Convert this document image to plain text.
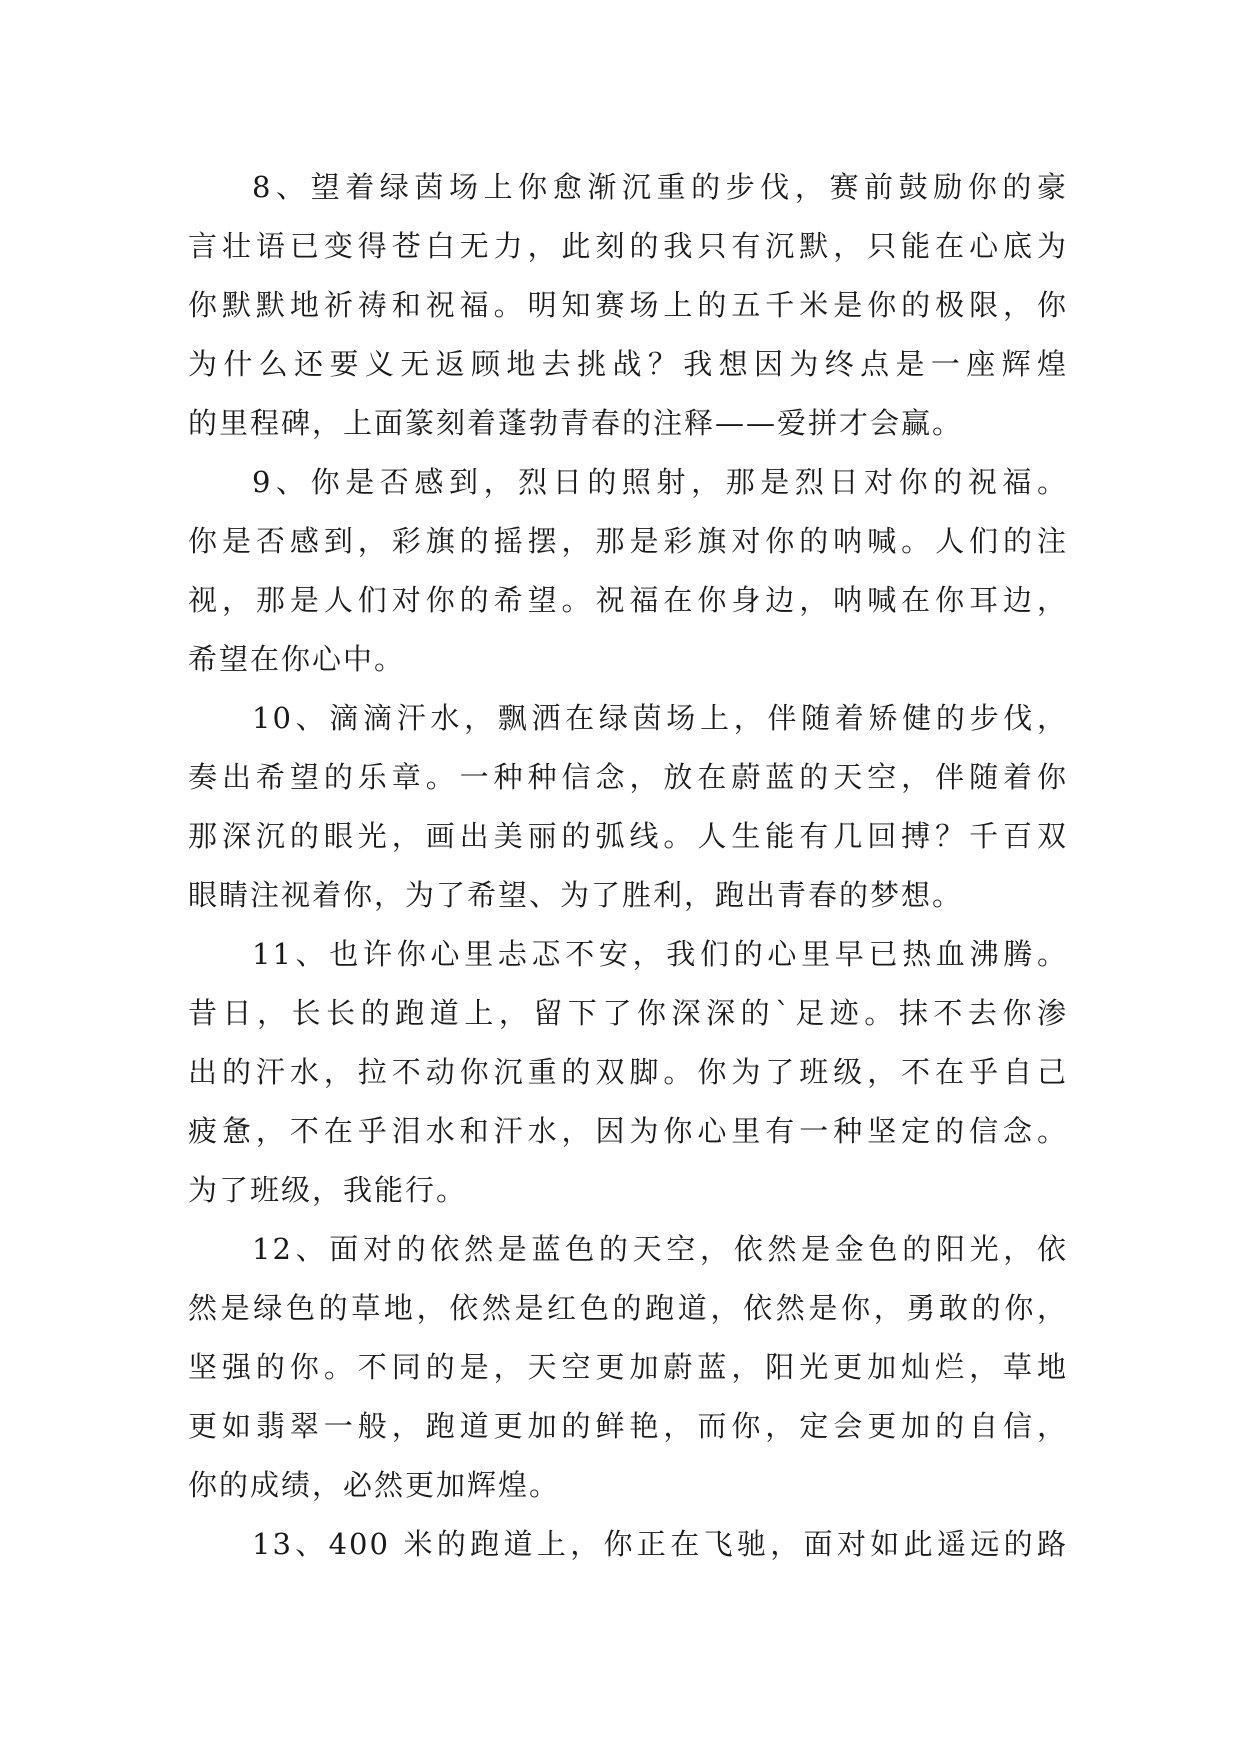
8、望着绿茵场上你愈渐沉重的步伐，赛前鼓励你的豪
言壮语已变得苍白无力，此刻的我只有沉默，只能在心底为
你默默地祈祷和祝福。明知赛场上的五千米是你的极限，你
为什么还要义无返顾地去挑战？我想因为终点是一座辉煌
的里程碑，上面篆刻着蓬勃青春的注释——爱拼才会赢。
9、你是否感到，烈日的照射，那是烈日对你的祝福。
你是否感到，彩旗的摇摆，那是彩旗对你的呐喊。人们的注
视，那是人们对你的希望。祝福在你身边，呐喊在你耳边，
希望在你心中。
10、滴滴汗水，飘洒在绿茵场上，伴随着矫健的步伐，
奏出希望的乐章。一种种信念，放在蔚蓝的天空，伴随着你
那深沉的眼光，画出美丽的弧线。人生能有几回搏？千百双
眼睛注视着你，为了希望、为了胜利，跑出青春的梦想。
11、也许你心里忐忑不安，我们的心里早已热血沸腾。
昔日，长长的跑道上，留下了你深深的`足迹。抹不去你渗
出的汗水，拉不动你沉重的双脚。你为了班级，不在乎自己
疲惫，不在乎泪水和汗水，因为你心里有一种坚定的信念。
为了班级，我能行。
12、面对的依然是蓝色的天空，依然是金色的阳光，依
然是绿色的草地，依然是红色的跑道，依然是你，勇敢的你，
坚强的你。不同的是，天空更加蔚蓝，阳光更加灿烂，草地
更如翡翠一般，跑道更加的鲜艳，而你，定会更加的自信，
你的成绩，必然更加辉煌。
13、400 米的跑道上，你正在飞驰，面对如此遥远的路
